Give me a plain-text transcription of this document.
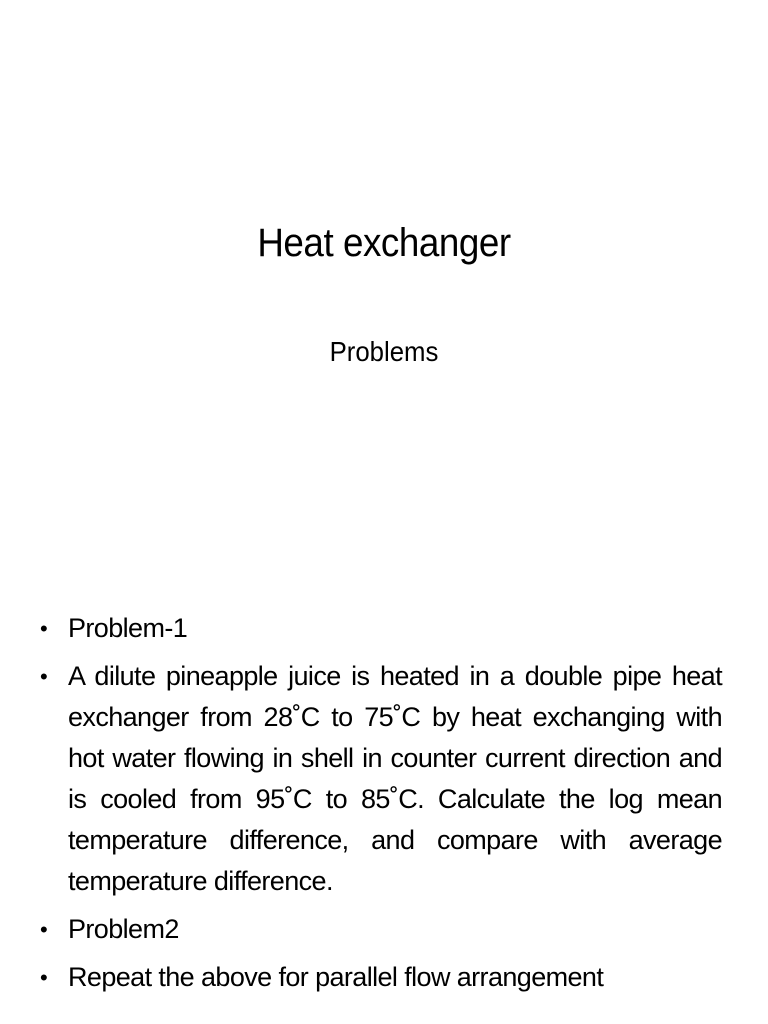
Heat exchanger
Problems
• Problem-1
• A dilute pineapple juice is heated in a double pipe heat exchanger from 28˚C to 75˚C by heat exchanging with hot water flowing in shell in counter current direction and is cooled from 95˚C to 85˚C. Calculate the log mean temperature difference, and compare with average temperature difference.
• Problem2
• Repeat the above for parallel flow arrangement
